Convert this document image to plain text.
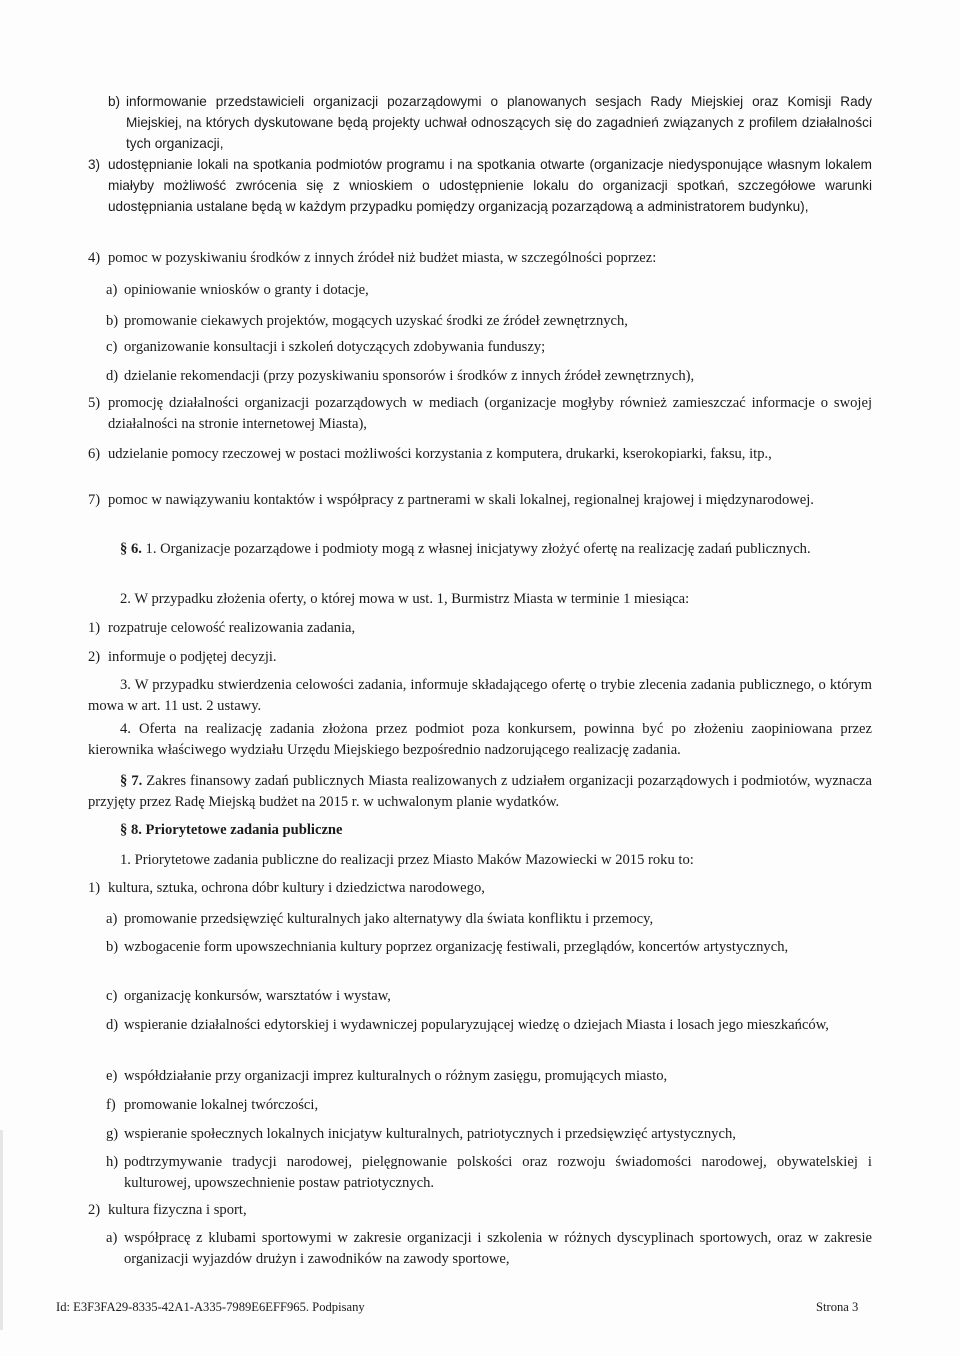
b) informowanie przedstawicieli organizacji pozarządowymi o planowanych sesjach Rady Miejskiej oraz Komisji Rady Miejskiej, na których dyskutowane będą projekty uchwał odnoszących się do zagadnień związanych z profilem działalności tych organizacji,
3) udostępnianie lokali na spotkania podmiotów programu i na spotkania otwarte (organizacje niedysponujące własnym lokalem miałyby możliwość zwrócenia się z wnioskiem o udostępnienie lokalu do organizacji spotkań, szczegółowe warunki udostępniania ustalane będą w każdym przypadku pomiędzy organizacją pozarządową a administratorem budynku),
4) pomoc w pozyskiwaniu środków z innych źródeł niż budżet miasta, w szczególności poprzez:
a) opiniowanie wniosków o granty i dotacje,
b) promowanie ciekawych projektów, mogących uzyskać środki ze źródeł zewnętrznych,
c) organizowanie konsultacji i szkoleń dotyczących zdobywania funduszy;
d) dzielanie rekomendacji (przy pozyskiwaniu sponsorów i środków z innych źródeł zewnętrznych),
5) promocję działalności organizacji pozarządowych w mediach (organizacje mogłyby również zamieszczać informacje o swojej działalności na stronie internetowej Miasta),
6) udzielanie pomocy rzeczowej w postaci możliwości korzystania z komputera, drukarki, kserokopiarki, faksu, itp.,
7) pomoc w nawiązywaniu kontaktów i współpracy z partnerami w skali lokalnej, regionalnej krajowej i międzynarodowej.
§ 6. 1. Organizacje pozarządowe i podmioty mogą z własnej inicjatywy złożyć ofertę na realizację zadań publicznych.
2. W przypadku złożenia oferty, o której mowa w ust. 1, Burmistrz Miasta w terminie 1 miesiąca:
1) rozpatruje celowość realizowania zadania,
2) informuje o podjętej decyzji.
3. W przypadku stwierdzenia celowości zadania, informuje składającego ofertę o trybie zlecenia zadania publicznego, o którym mowa w art. 11 ust. 2 ustawy.
4. Oferta na realizację zadania złożona przez podmiot poza konkursem, powinna być po złożeniu zaopiniowana przez kierownika właściwego wydziału Urzędu Miejskiego bezpośrednio nadzorującego realizację zadania.
§ 7. Zakres finansowy zadań publicznych Miasta realizowanych z udziałem organizacji pozarządowych i podmiotów, wyznacza przyjęty przez Radę Miejską budżet na 2015 r. w uchwalonym planie wydatków.
§ 8. Priorytetowe zadania publiczne
1. Priorytetowe zadania publiczne do realizacji przez Miasto Maków Mazowiecki w 2015 roku to:
1) kultura, sztuka, ochrona dóbr kultury i dziedzictwa narodowego,
a) promowanie przedsięwzięć kulturalnych jako alternatywy dla świata konfliktu i przemocy,
b) wzbogacenie form upowszechniania kultury poprzez organizację festiwali, przeglądów, koncertów artystycznych,
c) organizację konkursów, warsztatów i wystaw,
d) wspieranie działalności edytorskiej i wydawniczej popularyzującej wiedzę o dziejach Miasta i losach jego mieszkańców,
e) współdziałanie przy organizacji imprez kulturalnych o różnym zasięgu, promujących miasto,
f) promowanie lokalnej twórczości,
g) wspieranie społecznych lokalnych inicjatyw kulturalnych, patriotycznych i przedsięwzięć artystycznych,
h) podtrzymywanie tradycji narodowej, pielęgnowanie polskości oraz rozwoju świadomości narodowej, obywatelskiej i kulturowej, upowszechnienie postaw patriotycznych.
2) kultura fizyczna i sport,
a) współpracę z klubami sportowymi w zakresie organizacji i szkolenia w różnych dyscyplinach sportowych, oraz w zakresie organizacji wyjazdów drużyn i zawodników na zawody sportowe,
Id: E3F3FA29-8335-42A1-A335-7989E6EFF965. Podpisany	Strona 3
